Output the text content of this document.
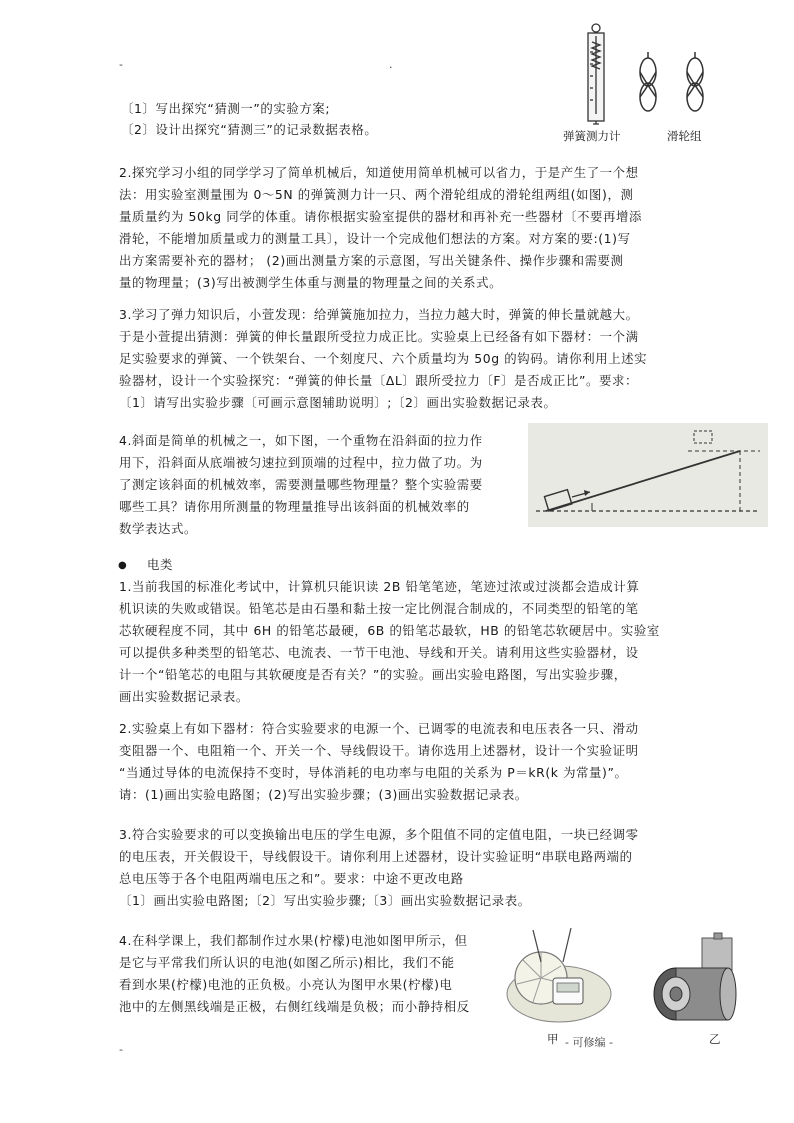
-	.
弹簧测力计	滑轮组
〔1〕写出探究“猜测一”的实验方案;
〔2〕设计出探究“猜测三”的记录数据表格。
2.探究学习小组的同学学习了简单机械后，知道使用简单机械可以省力，于是产生了一个想
法：用实验室测量围为 0～5N 的弹簧测力计一只、两个滑轮组成的滑轮组两组(如图)，测
量质量约为 50kg 同学的体重。请你根据实验室提供的器材和再补充一些器材〔不要再增添
滑轮，不能增加质量或力的测量工具〕，设计一个完成他们想法的方案。对方案的要:(1)写
出方案需要补充的器材； (2)画出测量方案的示意图，写出关键条件、操作步骤和需要测
量的物理量；(3)写出被测学生体重与测量的物理量之间的关系式。
3.学习了弹力知识后，小萱发现：给弹簧施加拉力，当拉力越大时，弹簧的伸长量就越大。
于是小萱提出猜测：弹簧的伸长量跟所受拉力成正比。实验桌上已经备有如下器材：一个满
足实验要求的弹簧、一个铁架台、一个刻度尺、六个质量均为 50g 的钩码。请你利用上述实
验器材，设计一个实验探究：“弹簧的伸长量〔ΔL〕跟所受拉力〔F〕是否成正比”。要求：
〔1〕请写出实验步骤〔可画示意图辅助说明〕;〔2〕画出实验数据记录表。
4.斜面是简单的机械之一，如下图，一个重物在沿斜面的拉力作
用下，沿斜面从底端被匀速拉到顶端的过程中，拉力做了功。为
了测定该斜面的机械效率，需要测量哪些物理量？整个实验需要
哪些工具？请你用所测量的物理量推导出该斜面的机械效率的
数学表达式。
● 电类
1.当前我国的标准化考试中，计算机只能识读 2B 铅笔笔迹，笔迹过浓或过淡都会造成计算
机识读的失败或错误。铅笔芯是由石墨和黏土按一定比例混合制成的，不同类型的铅笔的笔
芯软硬程度不同，其中 6H 的铅笔芯最硬，6B 的铅笔芯最软，HB 的铅笔芯软硬居中。实验室
可以提供多种类型的铅笔芯、电流表、一节干电池、导线和开关。请利用这些实验器材，设
计一个“铅笔芯的电阻与其软硬度是否有关？”的实验。画出实验电路图，写出实验步骤，
画出实验数据记录表。
2.实验桌上有如下器材：符合实验要求的电源一个、已调零的电流表和电压表各一只、滑动
变阻器一个、电阻箱一个、开关一个、导线假设干。请你选用上述器材，设计一个实验证明
“当通过导体的电流保持不变时，导体消耗的电功率与电阻的关系为 P＝kR(k 为常量)”。
请：(1)画出实验电路图；(2)写出实验步骤；(3)画出实验数据记录表。
3.符合实验要求的可以变换输出电压的学生电源，多个阻值不同的定值电阻，一块已经调零
的电压表，开关假设干，导线假设干。请你利用上述器材，设计实验证明“串联电路两端的
总电压等于各个电阻两端电压之和”。要求：中途不更改电路
〔1〕画出实验电路图;〔2〕写出实验步骤;〔3〕画出实验数据记录表。
4.在科学课上，我们都制作过水果(柠檬)电池如图甲所示，但
是它与平常我们所认识的电池(如图乙所示)相比，我们不能
看到水果(柠檬)电池的正负极。小亮认为图甲水果(柠檬)电
池中的左侧黑线端是正极，右侧红线端是负极；而小静持相反
甲	乙
-
- 可修编 -
